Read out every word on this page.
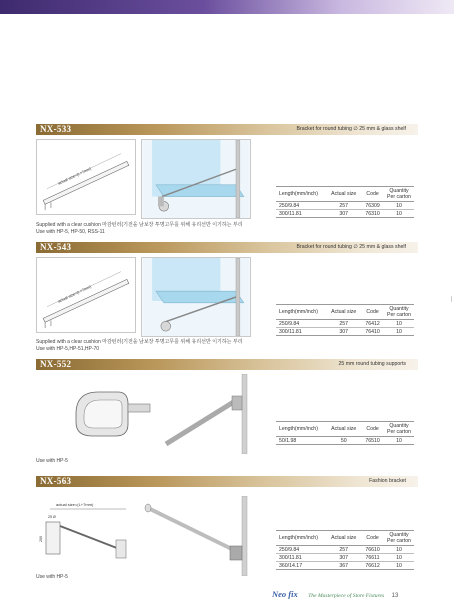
NX-533	Bracket for round tubing ∅ 25 mm & glass shelf
actual size=(L+7mm)
Length(mm/inch)	Actual size	Code	Quantity Per carton
250/9.84	257	76309	10
300/11.81	307	76310	10
Supplied with a clear cushion 마감턴러(기전을 남보장 투명고무를 위해 유리선반 이기하는 부리
Use with HP-5, HP-50, RSS-11
NX-543	Bracket for round tubing ∅ 25 mm & glass shelf
actual size=(L+7mm)
Length(mm/inch)	Actual size	Code	Quantity Per carton
250/9.84	257	76412	10
300/11.81	307	76410	10
Supplied with a clear cushion 마감턴러(기전을 남보장 투명고무를 위해 유리선반 이기하는 부리
Use with HP-5,HP-51,HP-70
NX-552	25 mm round tubing supports
Length(mm/inch)	Actual size	Code	Quantity Per carton
50/1.98	50	76510	10
Use with HP-5
NX-563	Fashion bracket
actual size=(L+7mm)
25 Ø
200	Length(mm/inch)	Actual size	Code	Quantity Per carton
250/9.84	257	76610	10
300/11.81	307	76611	10
360/14.17	367	76612	10
Use with HP-5
Neo fix The Masterpiece of Store Fixtures 13
